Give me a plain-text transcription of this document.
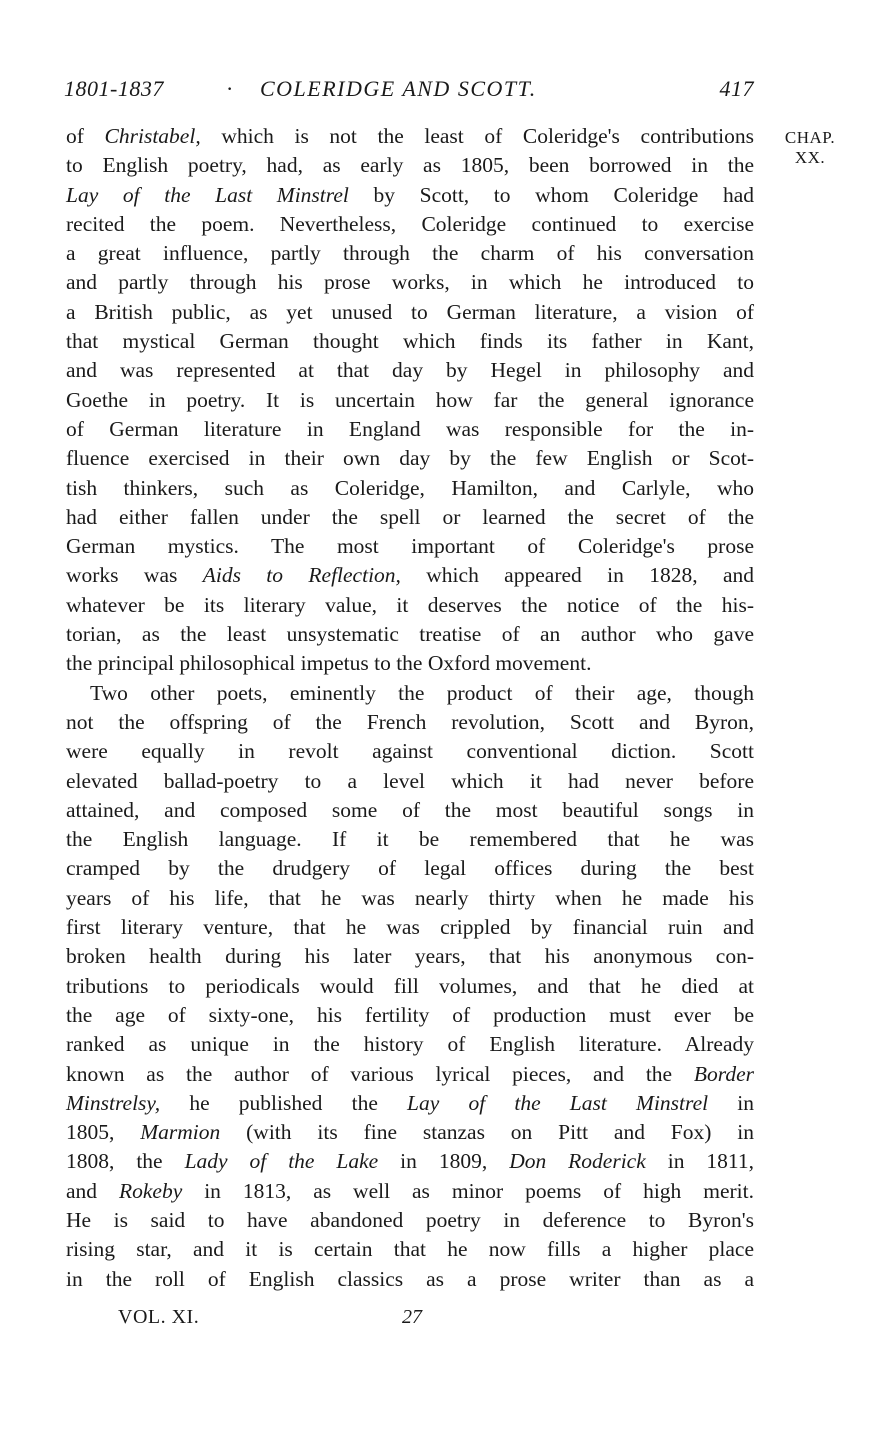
1801-1837	· COLERIDGE AND SCOTT.	417
CHAP.
XX.
of Christabel, which is not the least of Coleridge's contributions
to English poetry, had, as early as 1805, been borrowed in the
Lay of the Last Minstrel by Scott, to whom Coleridge had
recited the poem. Nevertheless, Coleridge continued to exercise
a great influence, partly through the charm of his conversation
and partly through his prose works, in which he introduced to
a British public, as yet unused to German literature, a vision of
that mystical German thought which finds its father in Kant,
and was represented at that day by Hegel in philosophy and
Goethe in poetry. It is uncertain how far the general ignorance
of German literature in England was responsible for the in-
fluence exercised in their own day by the few English or Scot-
tish thinkers, such as Coleridge, Hamilton, and Carlyle, who
had either fallen under the spell or learned the secret of the
German mystics. The most important of Coleridge's prose
works was Aids to Reflection, which appeared in 1828, and
whatever be its literary value, it deserves the notice of the his-
torian, as the least unsystematic treatise of an author who gave
the principal philosophical impetus to the Oxford movement.
Two other poets, eminently the product of their age, though
not the offspring of the French revolution, Scott and Byron,
were equally in revolt against conventional diction. Scott
elevated ballad-poetry to a level which it had never before
attained, and composed some of the most beautiful songs in
the English language. If it be remembered that he was
cramped by the drudgery of legal offices during the best
years of his life, that he was nearly thirty when he made his
first literary venture, that he was crippled by financial ruin and
broken health during his later years, that his anonymous con-
tributions to periodicals would fill volumes, and that he died at
the age of sixty-one, his fertility of production must ever be
ranked as unique in the history of English literature. Already
known as the author of various lyrical pieces, and the Border
Minstrelsy, he published the Lay of the Last Minstrel in
1805, Marmion (with its fine stanzas on Pitt and Fox) in
1808, the Lady of the Lake in 1809, Don Roderick in 1811,
and Rokeby in 1813, as well as minor poems of high merit.
He is said to have abandoned poetry in deference to Byron's
rising star, and it is certain that he now fills a higher place
in the roll of English classics as a prose writer than as a
VOL. XI.	27
